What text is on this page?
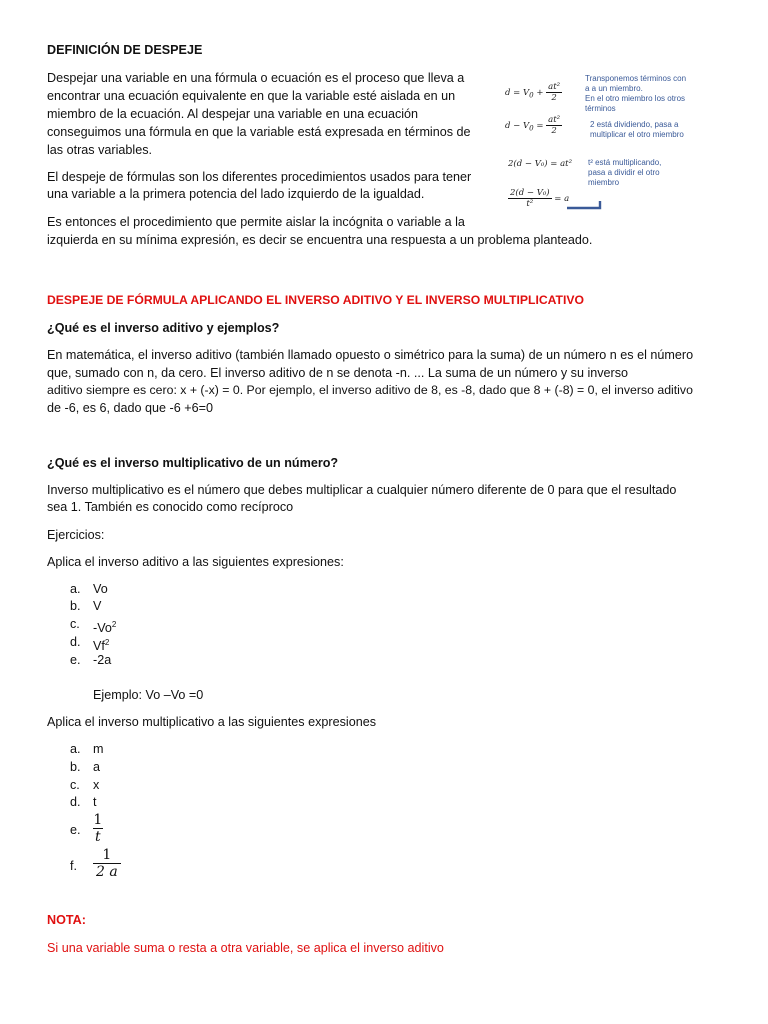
DEFINICIÓN DE DESPEJE
Despejar una variable en una fórmula o ecuación es el proceso que lleva a
encontrar una ecuación equivalente en que la variable esté aislada en un
miembro de la ecuación. Al despejar una variable en una ecuación
conseguimos una fórmula en que la variable está expresada en términos de
las otras variables.
El despeje de fórmulas son los diferentes procedimientos usados para tener
una variable a la primera potencia del lado izquierdo de la igualdad.
Es entonces el procedimiento que permite aislar la incógnita o variable a la
izquierda en su mínima expresión, es decir se encuentra una respuesta a un problema planteado.
$d = V_0 + \frac{\text{at²}}{2}$
$d - V_0 = \frac{\text{at²}}{2}$
2(d − V₀) = at²
$\frac{\text{2(d − V₀)}}{\text{t²}} = a$
Transponemos términos con
a a un miembro.
En el otro miembro los otros
términos
2 está dividiendo, pasa a
multiplicar el otro miembro
t² está multiplicando,
pasa a dividir el otro
miembro
DESPEJE DE FÓRMULA APLICANDO EL INVERSO ADITIVO Y EL INVERSO MULTIPLICATIVO
¿Qué es el inverso aditivo y ejemplos?
En matemática, el inverso aditivo (también llamado opuesto o simétrico para la suma) de un número n es el número
que, sumado con n, da cero. El inverso aditivo de n se denota -n. ... La suma de un número y su inverso
aditivo siempre es cero: x + (-x) = 0. Por ejemplo, el inverso aditivo de 8, es -8, dado que 8 + (-8) = 0, el inverso aditivo
de -6, es 6, dado que -6 +6=0
¿Qué es el inverso multiplicativo de un número?
Inverso multiplicativo es el número que debes multiplicar a cualquier número diferente de 0 para que el resultado
sea 1. También es conocido como recíproco
Ejercicios:
Aplica el inverso aditivo a las siguientes expresiones:
a. Vo
b. V
c. -Vo$^2$
d. Vf$^2$
e. -2a
Ejemplo: Vo –Vo =0
Aplica el inverso multiplicativo a las siguientes expresiones
a. m
b. a
c. x
d. t
e. $\frac{1}{t}$
f. $\frac{1}{2 a}$
NOTA:
Si una variable suma o resta a otra variable, se aplica el inverso aditivo
